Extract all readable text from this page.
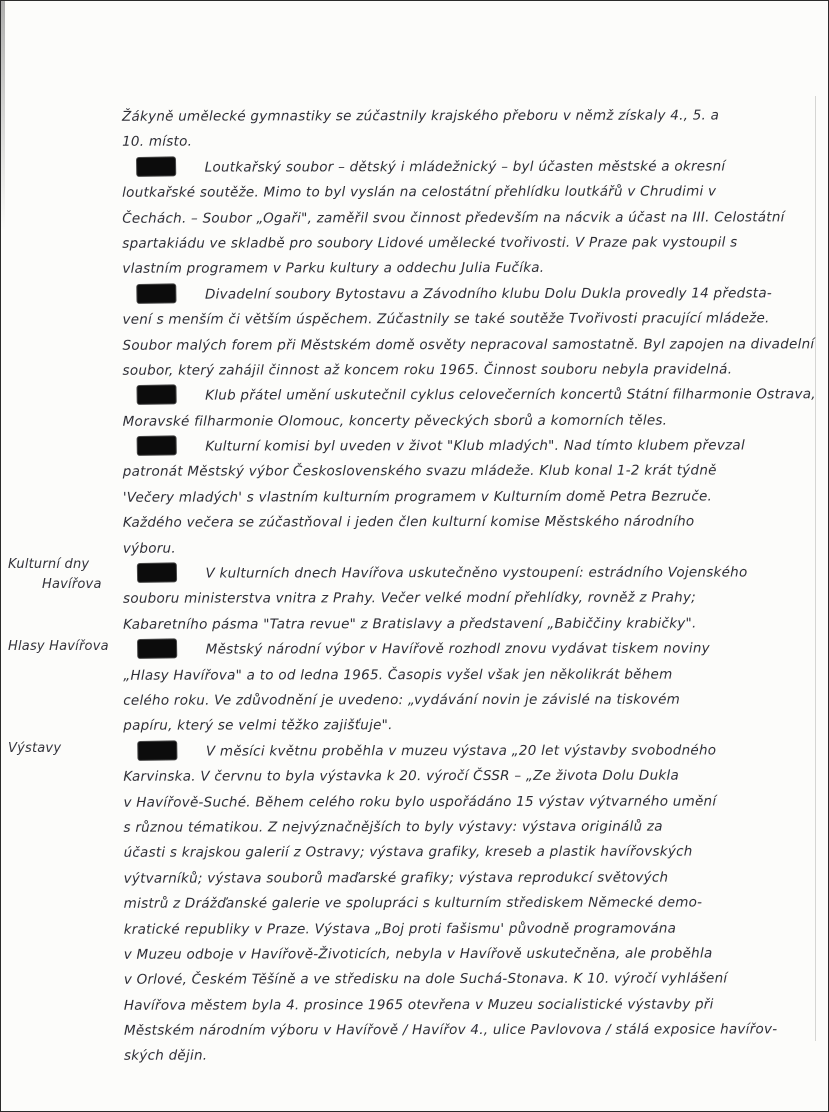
Kulturní dny
Havířova
Hlasy Havířova
Výstavy
Žákyně umělecké gymnastiky se zúčastnily krajského přeboru v němž získaly 4., 5. a
10. místo.
Loutkařský soubor – dětský i mládežnický – byl účasten městské a okresní
loutkařské soutěže. Mimo to byl vyslán na celostátní přehlídku loutkářů v Chrudimi v
Čechách. – Soubor „Ogaři", zaměřil svou činnost především na nácvik a účast na III. Celostátní
spartakiádu ve skladbě pro soubory Lidové umělecké tvořivosti. V Praze pak vystoupil s
vlastním programem v Parku kultury a oddechu Julia Fučíka.
Divadelní soubory Bytostavu a Závodního klubu Dolu Dukla provedly 14 předsta-
vení s menším či větším úspěchem. Zúčastnily se také soutěže Tvořivosti pracující mládeže.
Soubor malých forem při Městském domě osvěty nepracoval samostatně. Byl zapojen na divadelní
soubor, který zahájil činnost až koncem roku 1965. Činnost souboru nebyla pravidelná.
Klub přátel umění uskutečnil cyklus celovečerních koncertů Státní filharmonie Ostrava,
Moravské filharmonie Olomouc, koncerty pěveckých sborů a komorních těles.
Kulturní komisi byl uveden v život "Klub mladých". Nad tímto klubem převzal
patronát Městský výbor Československého svazu mládeže. Klub konal 1-2 krát týdně
'Večery mladých' s vlastním kulturním programem v Kulturním domě Petra Bezruče.
Každého večera se zúčastňoval i jeden člen kulturní komise Městského národního
výboru.
V kulturních dnech Havířova uskutečněno vystoupení: estrádního Vojenského
souboru ministerstva vnitra z Prahy. Večer velké modní přehlídky, rovněž z Prahy;
Kabaretního pásma "Tatra revue" z Bratislavy a představení „Babiččiny krabičky".
Městský národní výbor v Havířově rozhodl znovu vydávat tiskem noviny
„Hlasy Havířova" a to od ledna 1965. Časopis vyšel však jen několikrát během
celého roku. Ve zdůvodnění je uvedeno: „vydávání novin je závislé na tiskovém
papíru, který se velmi těžko zajišťuje".
V měsíci květnu proběhla v muzeu výstava „20 let výstavby svobodného
Karvinska. V červnu to byla výstavka k 20. výročí ČSSR – „Ze života Dolu Dukla
v Havířově-Suché. Během celého roku bylo uspořádáno 15 výstav výtvarného umění
s různou tématikou. Z nejvýznačnějších to byly výstavy: výstava originálů za
účasti s krajskou galerií z Ostravy; výstava grafiky, kreseb a plastik havířovských
výtvarníků; výstava souborů maďarské grafiky; výstava reprodukcí světových
mistrů z Drážďanské galerie ve spolupráci s kulturním střediskem Německé demo-
kratické republiky v Praze. Výstava „Boj proti fašismu' původně programována
v Muzeu odboje v Havířově-Životicích, nebyla v Havířově uskutečněna, ale proběhla
v Orlové, Českém Těšíně a ve středisku na dole Suchá-Stonava. K 10. výročí vyhlášení
Havířova městem byla 4. prosince 1965 otevřena v Muzeu socialistické výstavby při
Městském národním výboru v Havířově / Havířov 4., ulice Pavlovova / stálá exposice havířov-
ských dějin.
